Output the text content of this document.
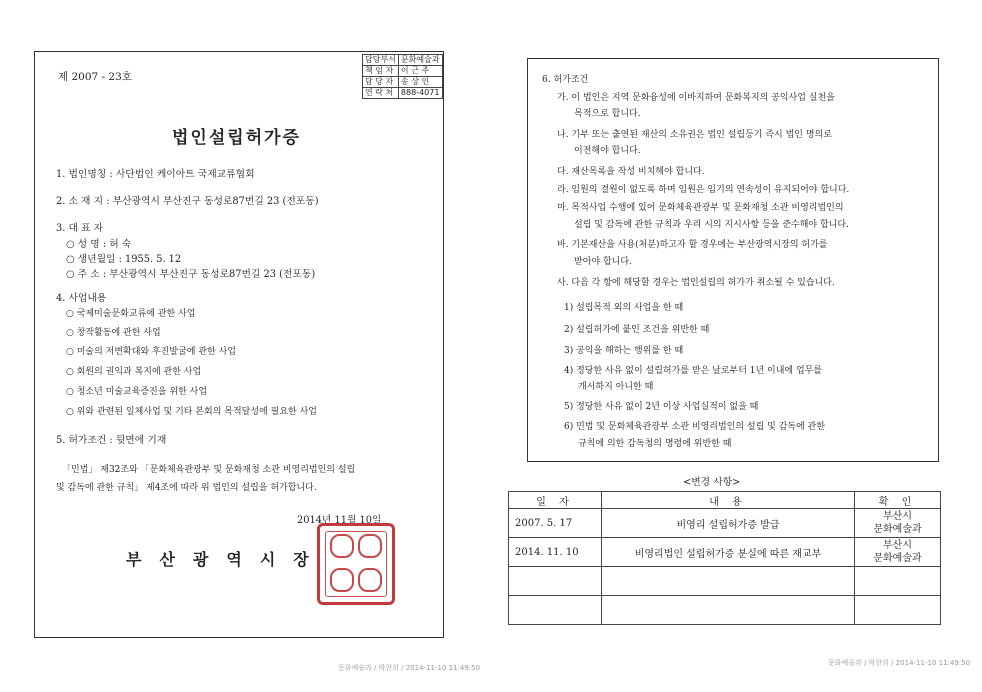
제 2007 - 23호
담당부서	문화예술과
책 임 자	이 근 주
담 당 자	송 상 인
연 락 처	888-4071
법인설립허가증
1. 법인명칭 : 사단법인 케이아트 국제교류협회
2. 소 재 지 : 부산광역시 부산진구 동성로87번길 23 (전포동)
3. 대 표 자
○ 성 명 : 허 숙
○ 생년월일 : 1955. 5. 12
○ 주 소 : 부산광역시 부산진구 동성로87번길 23 (전포동)
4. 사업내용
○ 국제미술문화교류에 관한 사업
○ 창작활동에 관한 사업
○ 미술의 저변확대와 후진발굴에 관한 사업
○ 회원의 권익과 복지에 관한 사업
○ 청소년 미술교육증진을 위한 사업
○ 위와 관련된 일체사업 및 기타 본회의 목적달성에 필요한 사업
5. 허가조건 : 뒷면에 기재
「민법」 제32조와 「문화체육관광부 및 문화재청 소관 비영리법인의 설립
및 감독에 관한 규칙」 제4조에 따라 위 법인의 설립을 허가합니다.
2014년 11월 10일
부산광역시장
6. 허가조건
가. 이 법인은 지역 문화융성에 이바지하여 문화복지의 공익사업 실천을
목적으로 합니다.
나. 기부 또는 출연된 재산의 소유권은 법인 설립등기 즉시 법인 명의로
이전해야 합니다.
다. 재산목록을 작성 비치해야 합니다.
라. 임원의 결원이 없도록 하며 임원은 임기의 연속성이 유지되어야 합니다.
마. 목적사업 수행에 있어 문화체육관광부 및 문화재청 소관 비영리법인의
설립 및 감독에 관한 규칙과 우리 시의 지시사항 등을 준수해야 합니다.
바. 기본재산을 사용(처분)하고자 할 경우에는 부산광역시장의 허가를
받아야 합니다.
사. 다음 각 항에 해당할 경우는 법인설립의 허가가 취소될 수 있습니다.
1) 설립목적 외의 사업을 한 때
2) 설립허가에 붙인 조건을 위반한 때
3) 공익을 해하는 행위를 한 때
4) 정당한 사유 없이 설립허가를 받은 날로부터 1년 이내에 업무를
개시하지 아니한 때
5) 정당한 사유 없이 2년 이상 사업실적이 없을 때
6) 민법 및 문화체육관광부 소관 비영리법인의 설립 및 감독에 관한
규칙에 의한 감독청의 명령에 위반한 때
<변경 사항>
일 자	내 용	확 인
2007. 5. 17	비영리 설립허가증 발급	부산시
문화예술과
2014. 11. 10	비영리법인 설립허가증 분실에 따른 재교부	부산시
문화예술과

문화예술과 / 박찬희 / 2014-11-10 11:49:50
문화예술과 / 박찬희 / 2014-11-10 11:49:50
